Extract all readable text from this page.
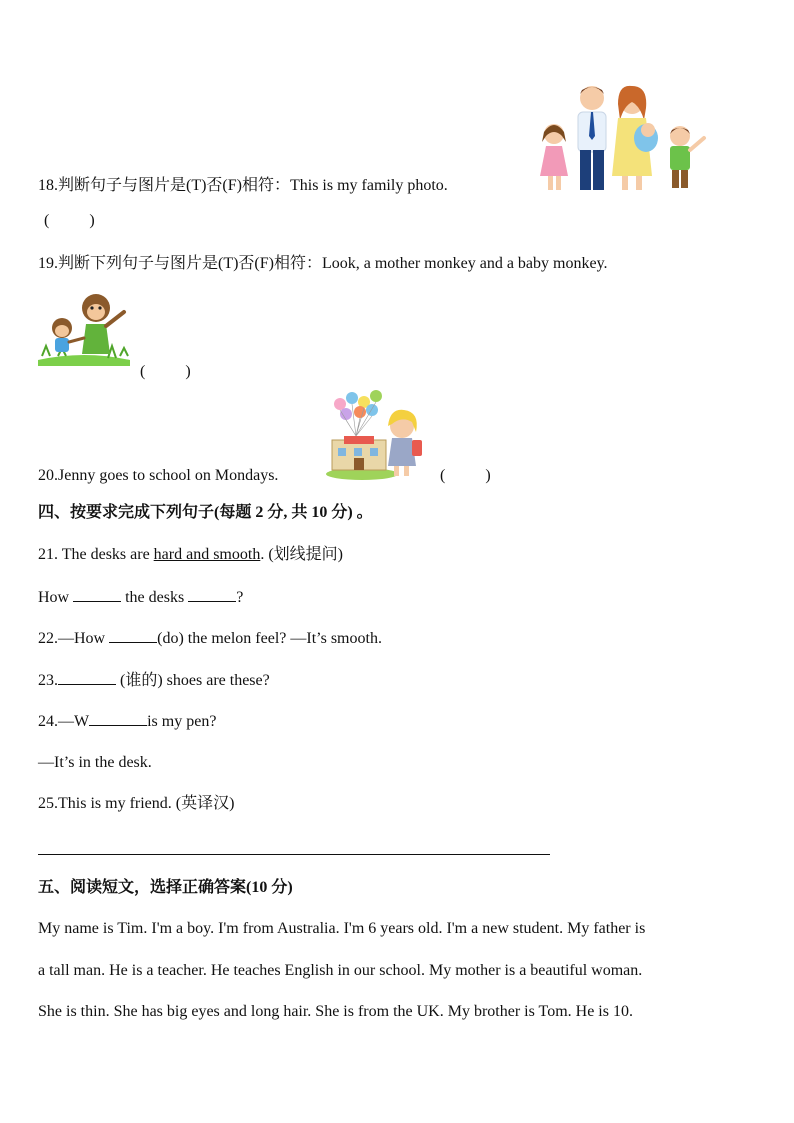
18.判断句子与图片是(T)否(F)相符：This is my family photo.
(          )
19.判断下列句子与图片是(T)否(F)相符：Look, a mother monkey and a baby monkey.
(          )
20.Jenny goes to school on Mondays.	(          )
四、按要求完成下列句子(每题 2 分, 共 10 分) 。
21. The desks are hard and smooth. (划线提问)
How	the desks	?
22.—How	(do) the melon feel? —It’s smooth.
23.	(谁的) shoes are these?
24.—W	is my pen?
—It’s in the desk.
25.This is my friend. (英译汉)
五、阅读短文，选择正确答案(10 分)
My name is Tim. I'm a boy. I'm from Australia. I'm 6 years old. I'm a new student. My father is
a tall man. He is a teacher. He teaches English in our school. My mother is a beautiful woman.
She is thin. She has big eyes and long hair. She is from the UK. My brother is Tom. He is 10.
